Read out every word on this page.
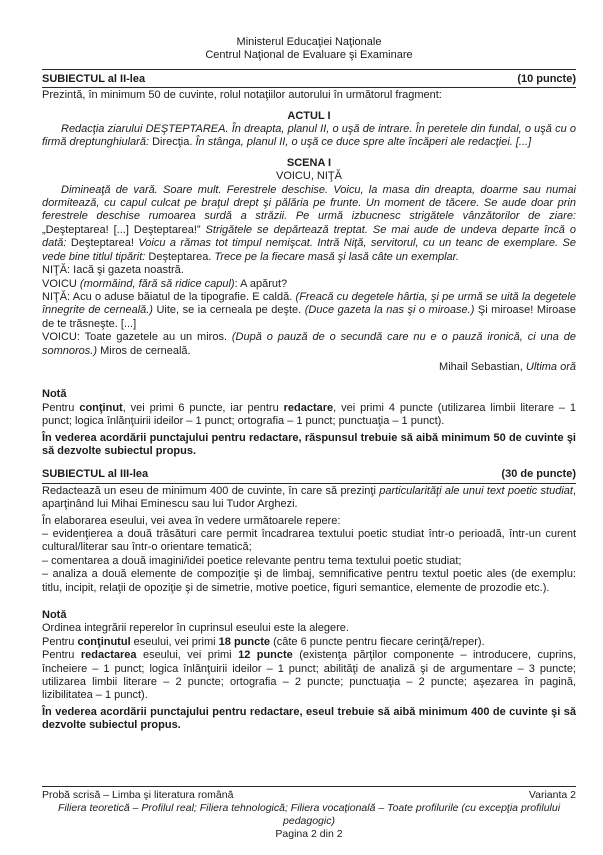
Ministerul Educaţiei Naţionale

Centrul Naţional de Evaluare şi Examinare

SUBIECTUL al II-lea	(10 puncte)

Prezintă, în minimum 50 de cuvinte, rolul notaţiilor autorului în următorul fragment:

ACTUL I

Redacţia ziarului DEŞTEPTAREA. În dreapta, planul II, o uşă de intrare. În peretele din fundal, o uşă cu o firmă dreptunghiulară: Direcţia. În stânga, planul II, o uşă ce duce spre alte încăperi ale redacţiei. [...]

SCENA I

VOICU, NIŢĂ

Dimineaţă de vară. Soare mult. Ferestrele deschise. Voicu, la masa din dreapta, doarme sau numai dormitează, cu capul culcat pe braţul drept şi pălăria pe frunte. Un moment de tăcere. Se aude doar prin ferestrele deschise rumoarea surdă a străzii. Pe urmă izbucnesc strigătele vânzătorilor de ziare: „Deşteptarea! [...] Deşteptarea!” Strigătele se depărtează treptat. Se mai aude de undeva departe încă o dată: Deşteptarea! Voicu a rămas tot timpul nemişcat. Intră Niţă, servitorul, cu un teanc de exemplare. Se vede bine titlul tipărit: Deşteptarea. Trece pe la fiecare masă şi lasă câte un exemplar.

NIŢĂ: Iacă şi gazeta noastră.

VOICU (mormăind, fără să ridice capul): A apărut?

NIŢĂ: Acu o aduse băiatul de la tipografie. E caldă. (Freacă cu degetele hârtia, şi pe urmă se uită la degetele înnegrite de cerneală.) Uite, se ia cerneala pe deşte. (Duce gazeta la nas şi o miroase.) Şi miroase! Miroase de te trăsneşte. [...]

VOICU: Toate gazetele au un miros. (După o pauză de o secundă care nu e o pauză ironică, ci una de somnoros.) Miros de cerneală.

Mihail Sebastian, Ultima oră

Notă

Pentru conţinut, vei primi 6 puncte, iar pentru redactare, vei primi 4 puncte (utilizarea limbii literare – 1 punct; logica înlănţuirii ideilor – 1 punct; ortografia – 1 punct; punctuaţia – 1 punct).

În vederea acordării punctajului pentru redactare, răspunsul trebuie să aibă minimum 50 de cuvinte şi să dezvolte subiectul propus.

SUBIECTUL al III-lea	(30 de puncte)

Redactează un eseu de minimum 400 de cuvinte, în care să prezinţi particularităţi ale unui text poetic studiat, aparţinând lui Mihai Eminescu sau lui Tudor Arghezi.

În elaborarea eseului, vei avea în vedere următoarele repere:

– evidenţierea a două trăsături care permit încadrarea textului poetic studiat într-o perioadă, într-un curent cultural/literar sau într-o orientare tematică;

– comentarea a două imagini/idei poetice relevante pentru tema textului poetic studiat;

– analiza a două elemente de compoziţie şi de limbaj, semnificative pentru textul poetic ales (de exemplu: titlu, incipit, relaţii de opoziţie şi de simetrie, motive poetice, figuri semantice, elemente de prozodie etc.).

Notă

Ordinea integrării reperelor în cuprinsul eseului este la alegere.

Pentru conţinutul eseului, vei primi 18 puncte (câte 6 puncte pentru fiecare cerinţă/reper).

Pentru redactarea eseului, vei primi 12 puncte (existenţa părţilor componente – introducere, cuprins, încheiere – 1 punct; logica înlănţuirii ideilor – 1 punct; abilităţi de analiză şi de argumentare – 3 puncte; utilizarea limbii literare – 2 puncte; ortografia – 2 puncte; punctuaţia – 2 puncte; aşezarea în pagină, lizibilitatea – 1 punct).

În vederea acordării punctajului pentru redactare, eseul trebuie să aibă minimum 400 de cuvinte şi să dezvolte subiectul propus.

Probă scrisă – Limba şi literatura română	Varianta 2

Filiera teoretică – Profilul real; Filiera tehnologică; Filiera vocaţională – Toate profilurile (cu excepţia profilului pedagogic)

Pagina 2 din 2
